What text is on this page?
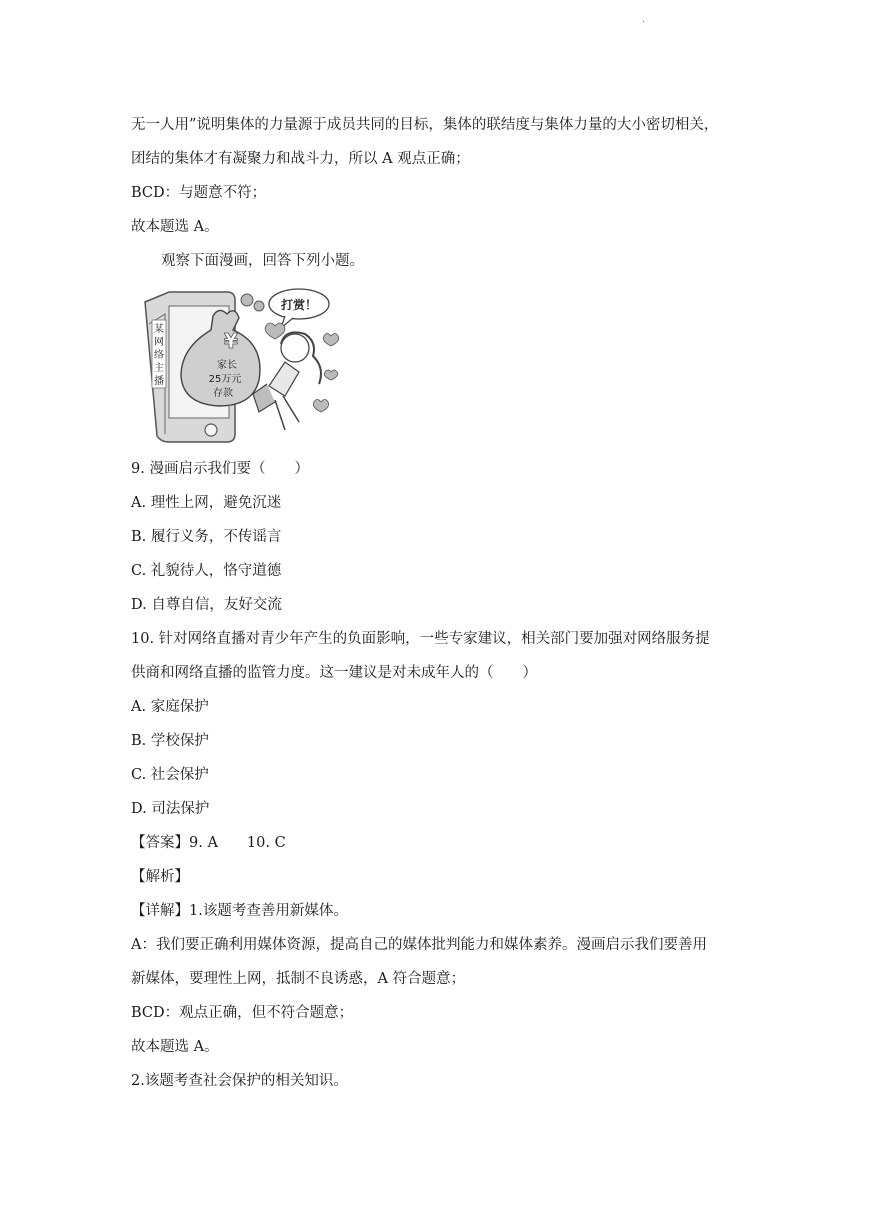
.
无一人用”说明集体的力量源于成员共同的目标，集体的联结度与集体力量的大小密切相关，
团结的集体才有凝聚力和战斗力，所以 A 观点正确；
BCD：与题意不符；
故本题选 A。
观察下面漫画，回答下列小题。
某
网
络
主
播
¥
家长
25万元
存款
打赏！
9. 漫画启示我们要（　　）
A. 理性上网，避免沉迷
B. 履行义务，不传谣言
C. 礼貌待人，恪守道德
D. 自尊自信，友好交流
10. 针对网络直播对青少年产生的负面影响，一些专家建议，相关部门要加强对网络服务提
供商和网络直播的监管力度。这一建议是对未成年人的（　　）
A. 家庭保护
B. 学校保护
C. 社会保护
D. 司法保护
【答案】9. A　　10. C
【解析】
【详解】1.该题考查善用新媒体。
A：我们要正确利用媒体资源，提高自己的媒体批判能力和媒体素养。漫画启示我们要善用
新媒体，要理性上网，抵制不良诱惑，A 符合题意；
BCD：观点正确，但不符合题意；
故本题选 A。
2.该题考查社会保护的相关知识。
